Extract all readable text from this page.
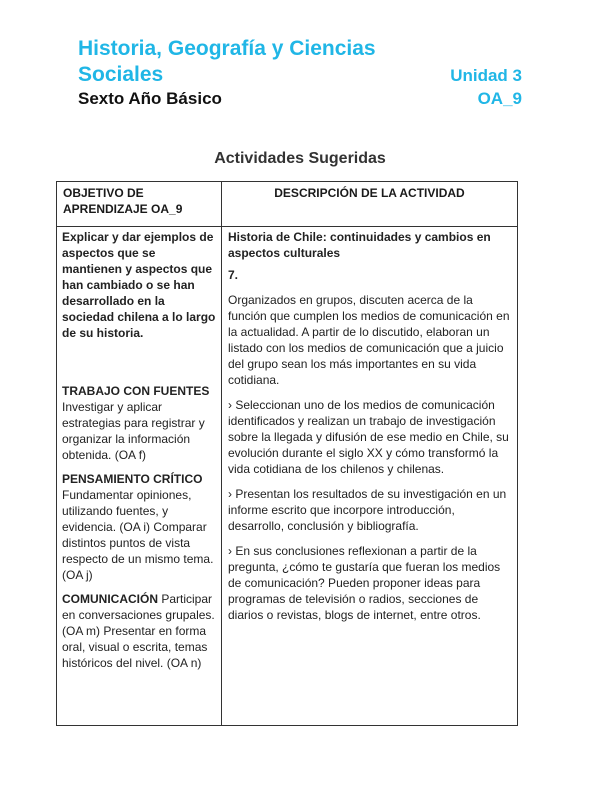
Historia, Geografía y Ciencias

Sociales	Unidad 3
Sexto Año Básico	OA_9

Actividades Sugeridas

OBJETIVO DE APRENDIZAJE OA_9
DESCRIPCIÓN DE LA ACTIVIDAD

Explicar y dar ejemplos de aspectos que se mantienen y aspectos que han cambiado o se han desarrollado en la sociedad chilena a lo largo de su historia.

TRABAJO CON FUENTES
Investigar y aplicar estrategias para registrar y organizar la información obtenida. (OA f)

PENSAMIENTO CRÍTICO
Fundamentar opiniones, utilizando fuentes, y evidencia. (OA i) Comparar distintos puntos de vista respecto de un mismo tema. (OA j)

COMUNICACIÓN Participar en conversaciones grupales. (OA m) Presentar en forma oral, visual o escrita, temas históricos del nivel. (OA n)

Historia de Chile: continuidades y cambios en aspectos culturales

7.

Organizados en grupos, discuten acerca de la función que cumplen los medios de comunicación en la actualidad. A partir de lo discutido, elaboran un listado con los medios de comunicación que a juicio del grupo sean los más importantes en su vida cotidiana.

› Seleccionan uno de los medios de comunicación identificados y realizan un trabajo de investigación sobre la llegada y difusión de ese medio en Chile, su evolución durante el siglo XX y cómo transformó la vida cotidiana de los chilenos y chilenas.

› Presentan los resultados de su investigación en un informe escrito que incorpore introducción, desarrollo, conclusión y bibliografía.

› En sus conclusiones reflexionan a partir de la pregunta, ¿cómo te gustaría que fueran los medios de comunicación? Pueden proponer ideas para programas de televisión o radios, secciones de diarios o revistas, blogs de internet, entre otros.
